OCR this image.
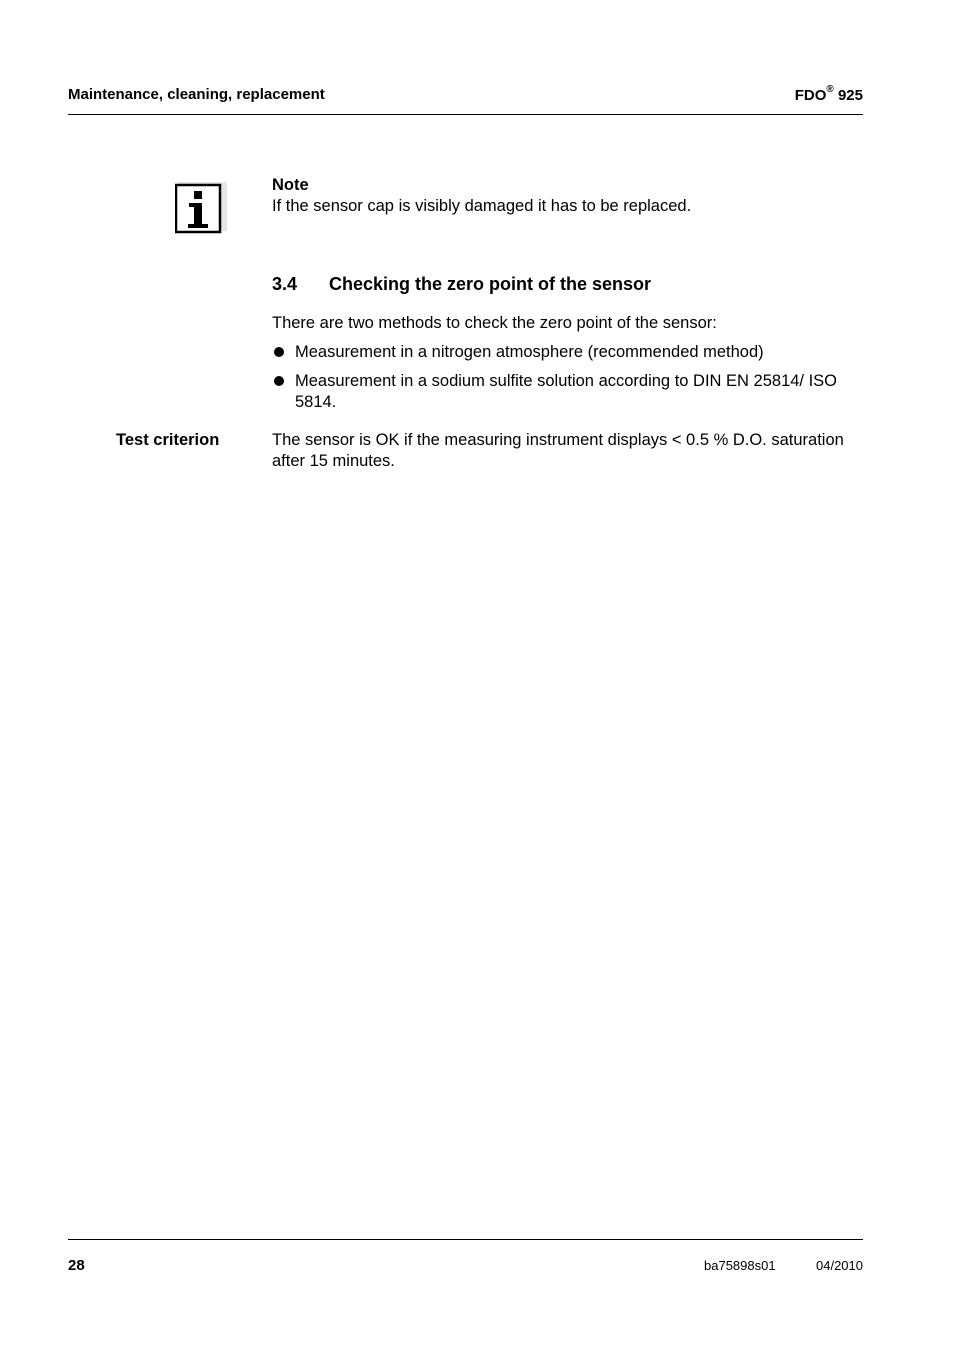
Maintenance, cleaning, replacement	FDO® 925
Note
If the sensor cap is visibly damaged it has to be replaced.
3.4 Checking the zero point of the sensor
There are two methods to check the zero point of the sensor:
Measurement in a nitrogen atmosphere (recommended method)
Measurement in a sodium sulfite solution according to DIN EN 25814/ ISO 5814.
Test criterion	The sensor is OK if the measuring instrument displays < 0.5 % D.O. saturation after 15 minutes.
28	ba75898s01	04/2010
